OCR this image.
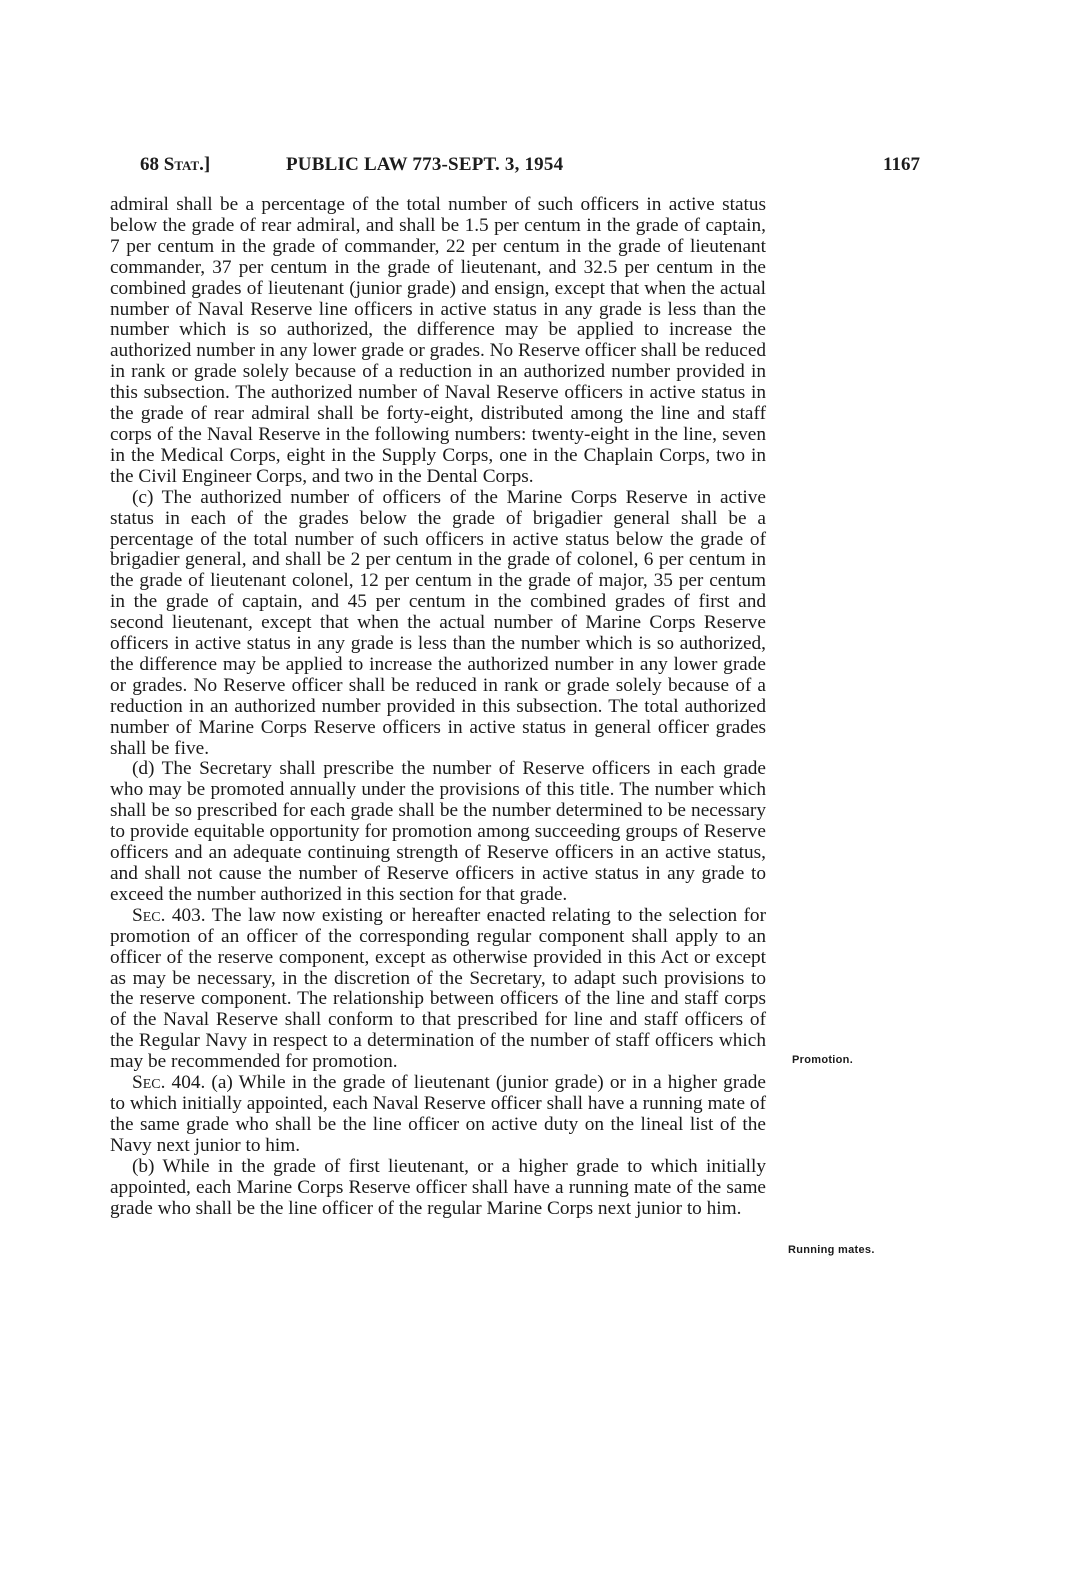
68 Stat.]	PUBLIC LAW 773-SEPT. 3, 1954	1167

admiral shall be a percentage of the total number of such officers in active status below the grade of rear admiral, and shall be 1.5 per centum in the grade of captain, 7 per centum in the grade of commander, 22 per centum in the grade of lieutenant commander, 37 per centum in the grade of lieutenant, and 32.5 per centum in the combined grades of lieutenant (junior grade) and ensign, except that when the actual number of Naval Reserve line officers in active status in any grade is less than the number which is so authorized, the difference may be applied to increase the authorized number in any lower grade or grades. No Reserve officer shall be reduced in rank or grade solely because of a reduction in an authorized number provided in this subsection. The authorized number of Naval Reserve officers in active status in the grade of rear admiral shall be forty-eight, distributed among the line and staff corps of the Naval Reserve in the following numbers: twenty-eight in the line, seven in the Medical Corps, eight in the Supply Corps, one in the Chaplain Corps, two in the Civil Engineer Corps, and two in the Dental Corps.

(c) The authorized number of officers of the Marine Corps Reserve in active status in each of the grades below the grade of brigadier general shall be a percentage of the total number of such officers in active status below the grade of brigadier general, and shall be 2 per centum in the grade of colonel, 6 per centum in the grade of lieutenant colonel, 12 per centum in the grade of major, 35 per centum in the grade of captain, and 45 per centum in the combined grades of first and second lieutenant, except that when the actual number of Marine Corps Reserve officers in active status in any grade is less than the number which is so authorized, the difference may be applied to increase the authorized number in any lower grade or grades. No Reserve officer shall be reduced in rank or grade solely because of a reduction in an authorized number provided in this subsection. The total authorized number of Marine Corps Reserve officers in active status in general officer grades shall be five.

(d) The Secretary shall prescribe the number of Reserve officers in each grade who may be promoted annually under the provisions of this title. The number which shall be so prescribed for each grade shall be the number determined to be necessary to provide equitable opportunity for promotion among succeeding groups of Reserve officers and an adequate continuing strength of Reserve officers in an active status, and shall not cause the number of Reserve officers in active status in any grade to exceed the number authorized in this section for that grade.

Sec. 403. The law now existing or hereafter enacted relating to the selection for promotion of an officer of the corresponding regular component shall apply to an officer of the reserve component, except as otherwise provided in this Act or except as may be necessary, in the discretion of the Secretary, to adapt such provisions to the reserve component. The relationship between officers of the line and staff corps of the Naval Reserve shall conform to that prescribed for line and staff officers of the Regular Navy in respect to a determination of the number of staff officers which may be recommended for promotion.

Sec. 404. (a) While in the grade of lieutenant (junior grade) or in a higher grade to which initially appointed, each Naval Reserve officer shall have a running mate of the same grade who shall be the line officer on active duty on the lineal list of the Navy next junior to him.

(b) While in the grade of first lieutenant, or a higher grade to which initially appointed, each Marine Corps Reserve officer shall have a running mate of the same grade who shall be the line officer of the regular Marine Corps next junior to him.

Promotion.
Running mates.
